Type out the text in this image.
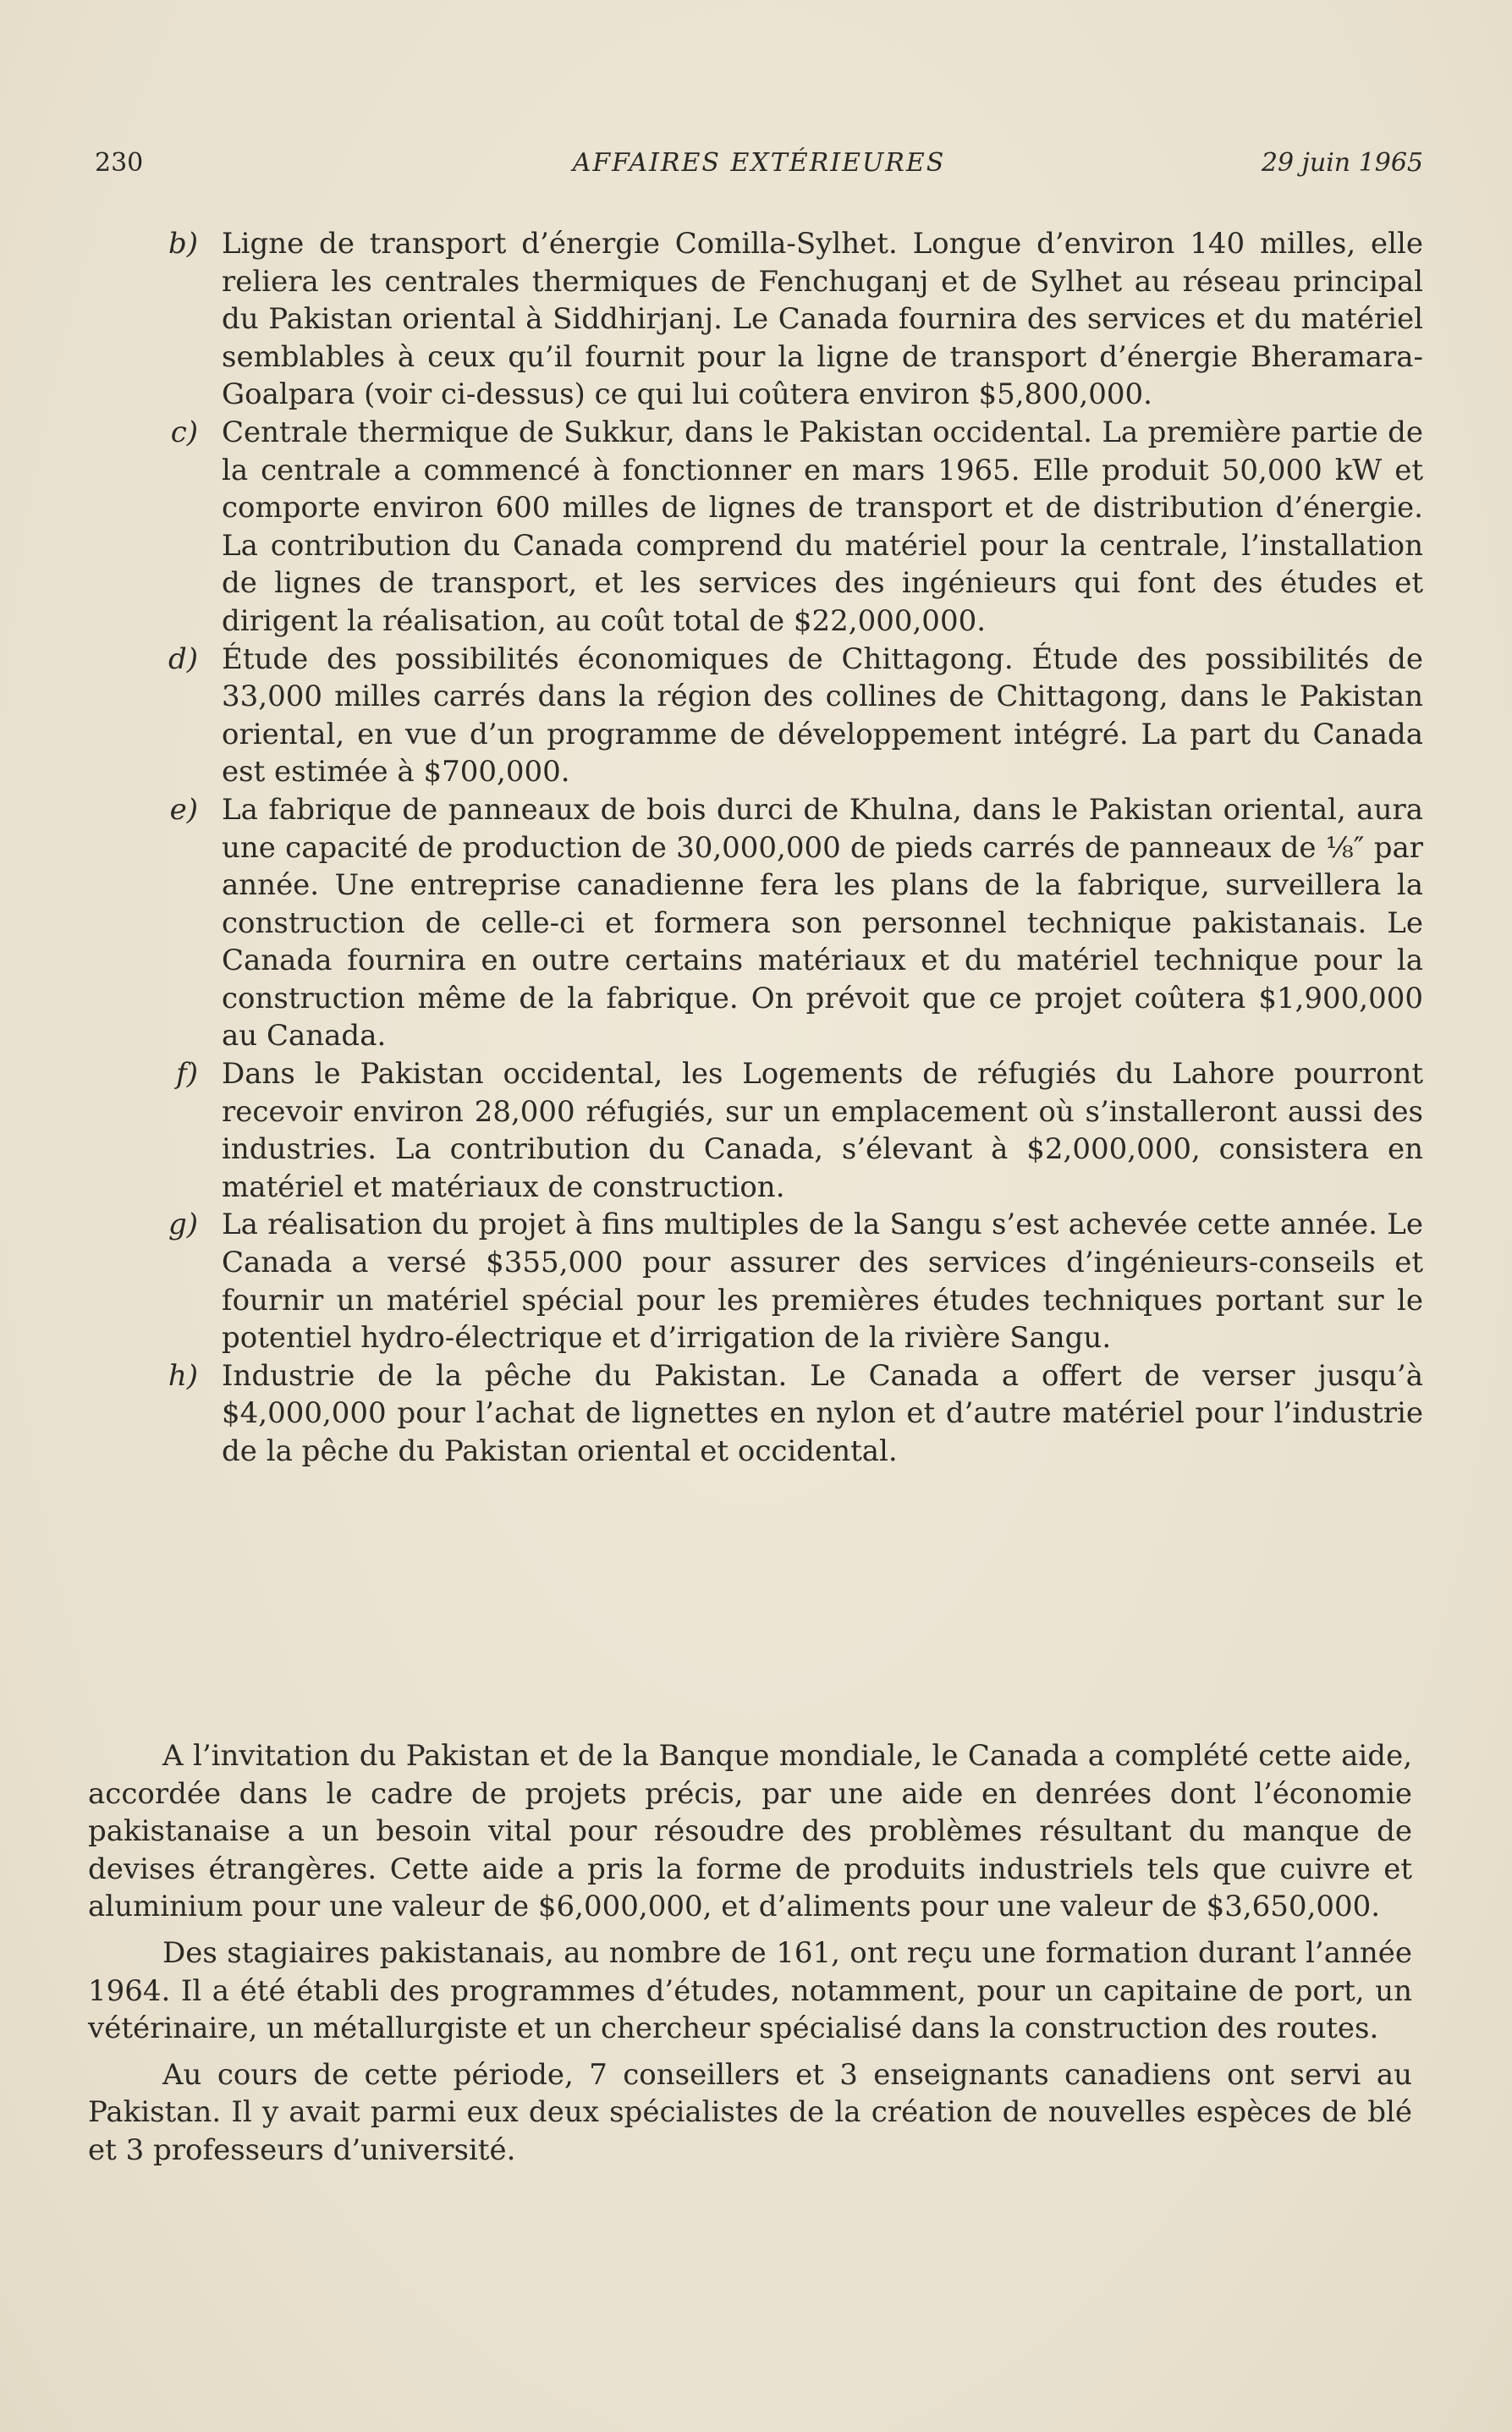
230	AFFAIRES EXTÉRIEURES	29 juin 1965
b) Ligne de transport d’énergie Comilla-Sylhet. Longue d’environ 140 milles, elle reliera les centrales thermiques de Fenchuganj et de Sylhet au réseau principal du Pakistan oriental à Siddhirjanj. Le Canada fournira des services et du matériel semblables à ceux qu’il fournit pour la ligne de transport d’énergie Bheramara-Goalpara (voir ci-dessus) ce qui lui coûtera environ $5,800,000.
c) Centrale thermique de Sukkur, dans le Pakistan occidental. La première partie de la centrale a commencé à fonctionner en mars 1965. Elle produit 50,000 kW et comporte environ 600 milles de lignes de transport et de distribution d’énergie. La contribution du Canada comprend du matériel pour la centrale, l’installation de lignes de transport, et les services des ingénieurs qui font des études et dirigent la réalisation, au coût total de $22,000,000.
d) Étude des possibilités économiques de Chittagong. Étude des possibilités de 33,000 milles carrés dans la région des collines de Chittagong, dans le Pakistan oriental, en vue d’un programme de développement intégré. La part du Canada est estimée à $700,000.
e) La fabrique de panneaux de bois durci de Khulna, dans le Pakistan oriental, aura une capacité de production de 30,000,000 de pieds carrés de panneaux de ⅛″ par année. Une entreprise canadienne fera les plans de la fabrique, surveillera la construction de celle-ci et formera son personnel technique pakistanais. Le Canada fournira en outre certains matériaux et du matériel technique pour la construction même de la fabrique. On prévoit que ce projet coûtera $1,900,000 au Canada.
f) Dans le Pakistan occidental, les Logements de réfugiés du Lahore pourront recevoir environ 28,000 réfugiés, sur un emplacement où s’installeront aussi des industries. La contribution du Canada, s’élevant à $2,000,000, consistera en matériel et matériaux de construction.
g) La réalisation du projet à fins multiples de la Sangu s’est achevée cette année. Le Canada a versé $355,000 pour assurer des services d’ingénieurs-conseils et fournir un matériel spécial pour les premières études techniques portant sur le potentiel hydro-électrique et d’irrigation de la rivière Sangu.
h) Industrie de la pêche du Pakistan. Le Canada a offert de verser jusqu’à $4,000,000 pour l’achat de lignettes en nylon et d’autre matériel pour l’industrie de la pêche du Pakistan oriental et occidental.

A l’invitation du Pakistan et de la Banque mondiale, le Canada a complété cette aide, accordée dans le cadre de projets précis, par une aide en denrées dont l’économie pakistanaise a un besoin vital pour résoudre des problèmes résultant du manque de devises étrangères. Cette aide a pris la forme de produits industriels tels que cuivre et aluminium pour une valeur de $6,000,000, et d’aliments pour une valeur de $3,650,000.

Des stagiaires pakistanais, au nombre de 161, ont reçu une formation durant l’année 1964. Il a été établi des programmes d’études, notamment, pour un capitaine de port, un vétérinaire, un métallurgiste et un chercheur spécialisé dans la construction des routes.

Au cours de cette période, 7 conseillers et 3 enseignants canadiens ont servi au Pakistan. Il y avait parmi eux deux spécialistes de la création de nouvelles espèces de blé et 3 professeurs d’université.
